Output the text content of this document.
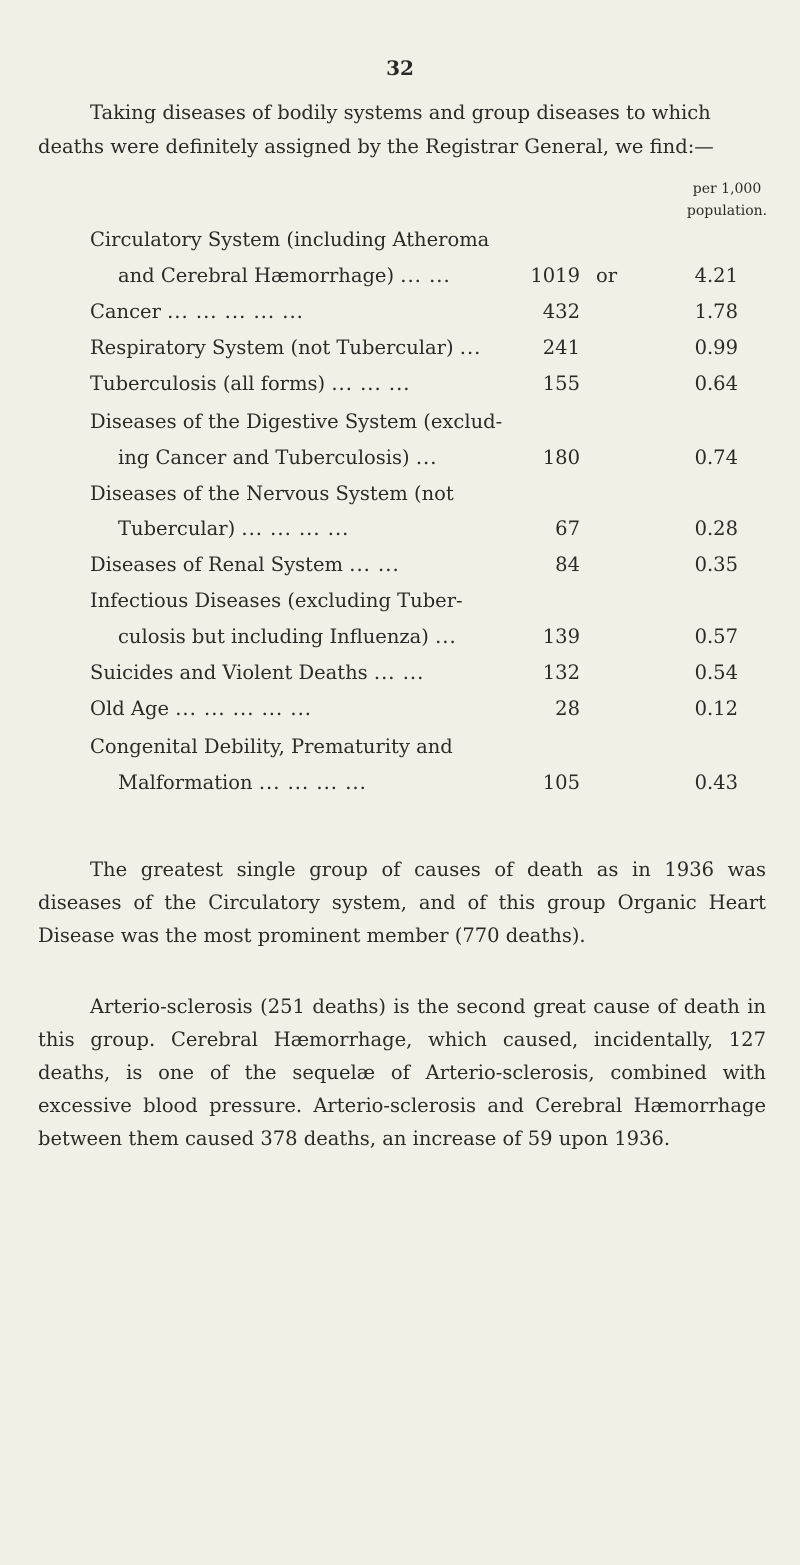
32
Taking diseases of bodily systems and group diseases to which deaths were definitely assigned by the Registrar General, we find:—
per 1,000
population.
Circulatory System (including Atheroma
and Cerebral Hæmorrhage) ... ...	1019 or	4.21
Cancer ... ... ... ... ...	432	1.78
Respiratory System (not Tubercular) ...	241	0.99
Tuberculosis (all forms) ... ... ...	155	0.64
Diseases of the Digestive System (exclud-
ing Cancer and Tuberculosis) ...	180	0.74
Diseases of the Nervous System (not
Tubercular) ... ... ... ...	67	0.28
Diseases of Renal System ... ...	84	0.35
Infectious Diseases (excluding Tuber-
culosis but including Influenza) ...	139	0.57
Suicides and Violent Deaths ... ...	132	0.54
Old Age ... ... ... ... ...	28	0.12
Congenital Debility, Prematurity and
Malformation ... ... ... ...	105	0.43
The greatest single group of causes of death as in 1936 was diseases of the Circulatory system, and of this group Organic Heart Disease was the most prominent member (770 deaths).
Arterio-sclerosis (251 deaths) is the second great cause of death in this group. Cerebral Hæmorrhage, which caused, incidentally, 127 deaths, is one of the sequelæ of Arterio-sclerosis, combined with excessive blood pressure. Arterio-sclerosis and Cerebral Hæmorrhage between them caused 378 deaths, an increase of 59 upon 1936.
